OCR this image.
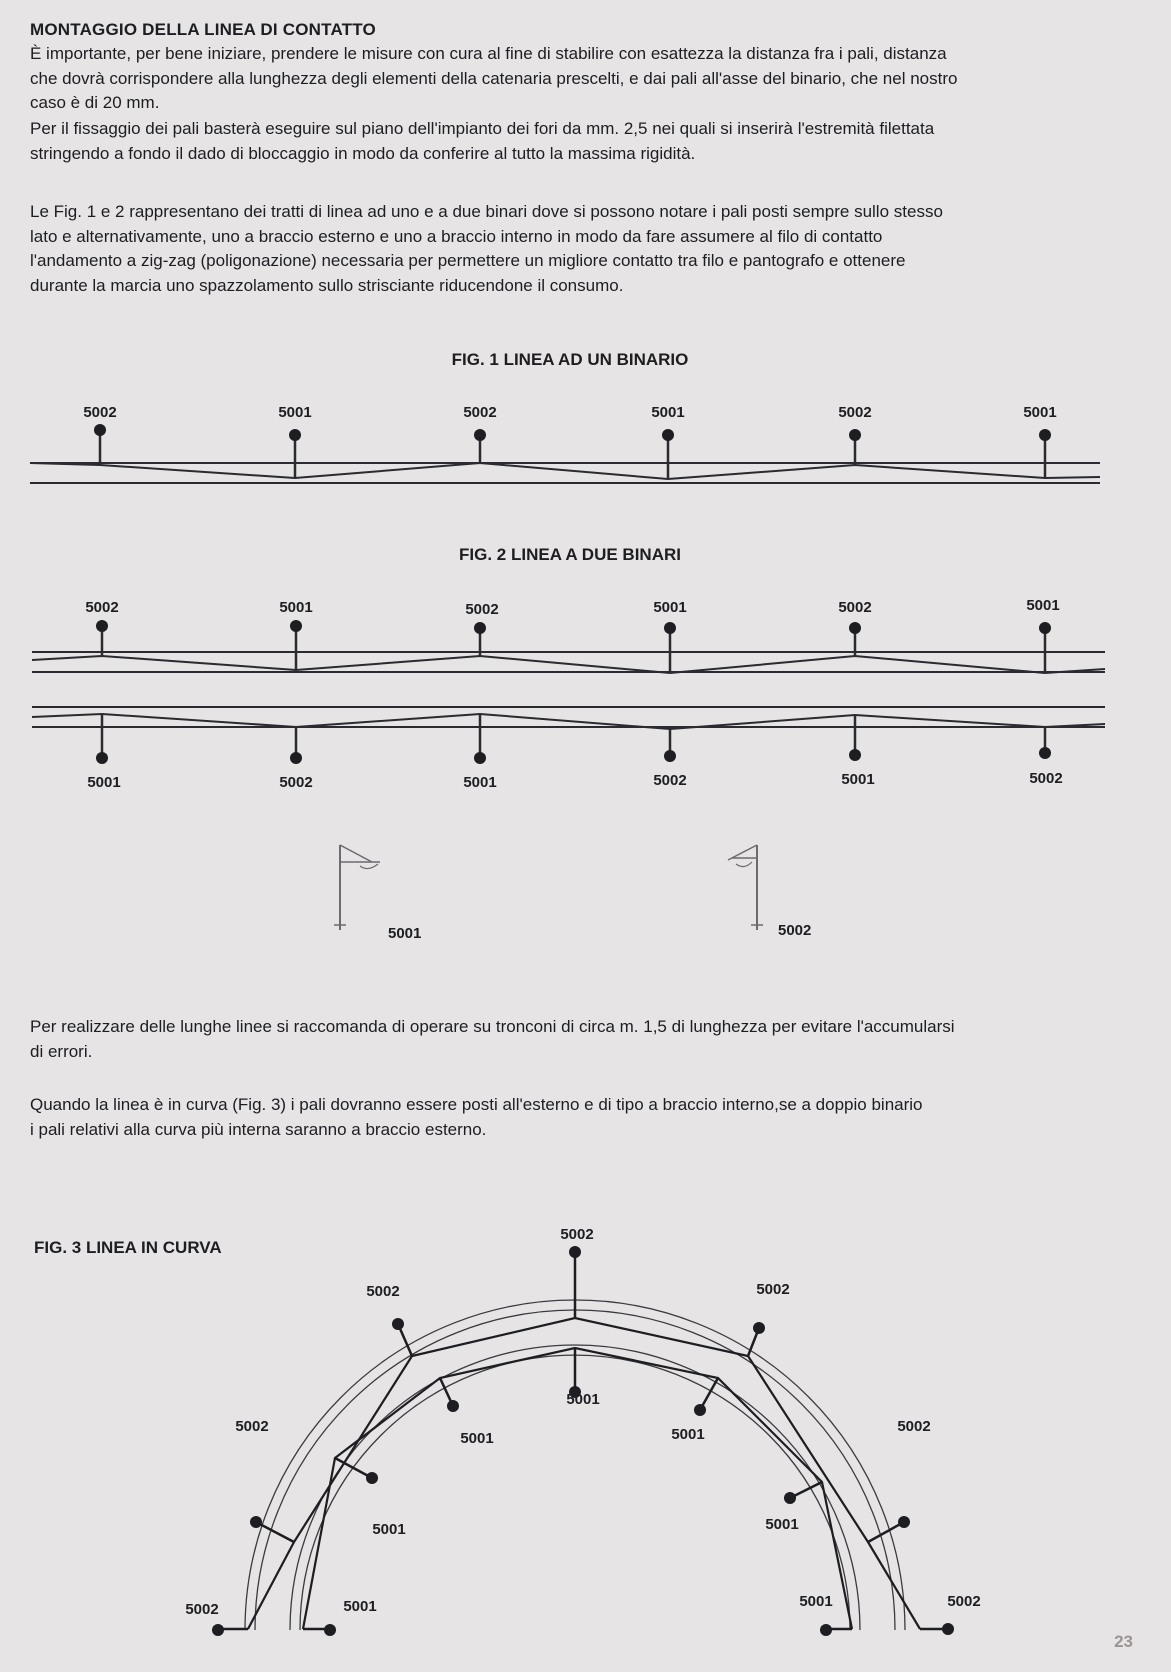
MONTAGGIO DELLA LINEA DI CONTATTO
È importante, per bene iniziare, prendere le misure con cura al fine di stabilire con esattezza la distanza fra i pali, distanza
che dovrà corrispondere alla lunghezza degli elementi della catenaria prescelti, e dai pali all'asse del binario, che nel nostro
caso è di 20 mm.
Per il fissaggio dei pali basterà eseguire sul piano dell'impianto dei fori da mm. 2,5 nei quali si inserirà l'estremità filettata
stringendo a fondo il dado di bloccaggio in modo da conferire al tutto la massima rigidità.
Le Fig. 1 e 2 rappresentano dei tratti di linea ad uno e a due binari dove si possono notare i pali posti sempre sullo stesso
lato e alternativamente, uno a braccio esterno e uno a braccio interno in modo da fare assumere al filo di contatto
l'andamento a zig-zag (poligonazione) necessaria per permettere un migliore contatto tra filo e pantografo e ottenere
durante la marcia uno spazzolamento sullo strisciante riducendone il consumo.
FIG. 1 LINEA AD UN BINARIO
5002	5001	5002	5001	5002	5001
FIG. 2 LINEA A DUE BINARI
5002	5001	5002	5001	5002	5001
5001	5002	5001	5002	5001	5002
5001	5002
Per realizzare delle lunghe linee si raccomanda di operare su tronconi di circa m. 1,5 di lunghezza per evitare l'accumularsi
di errori.
Quando la linea è in curva (Fig. 3) i pali dovranno essere posti all'esterno e di tipo a braccio interno,se a doppio binario
i pali relativi alla curva più interna saranno a braccio esterno.
FIG. 3 LINEA IN CURVA
5002
5002	5002
5002	5002
5002	5002
5001
5001	5001
5001	5001
5001	5001
23
